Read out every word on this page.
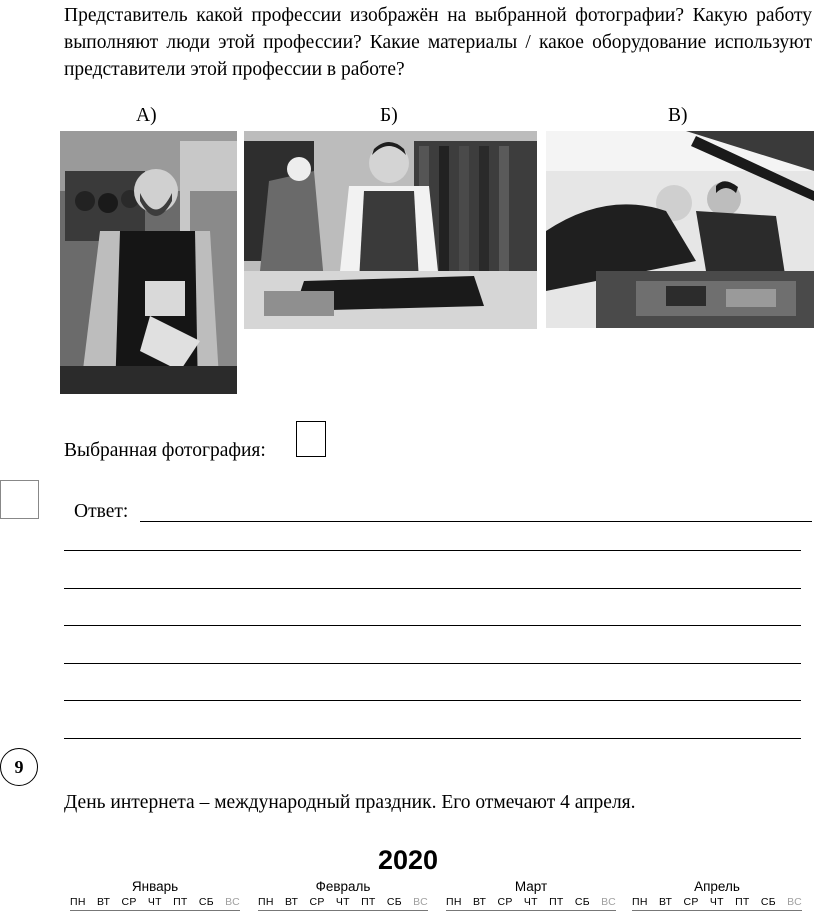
Представитель какой профессии изображён на выбранной фотографии? Какую работу выполняют люди этой профессии? Какие материалы / какое оборудование используют представители этой профессии в работе?
А)	Б)	В)
Выбранная фотография:
Ответ:
9
День интернета – международный праздник. Его отмечают 4 апреля.
2020
Январь
ПН ВТ СР ЧТ ПТ СБ ВС
Февраль
ПН ВТ СР ЧТ ПТ СБ ВС
Март
ПН ВТ СР ЧТ ПТ СБ ВС
Апрель
ПН ВТ СР ЧТ ПТ СБ ВС
